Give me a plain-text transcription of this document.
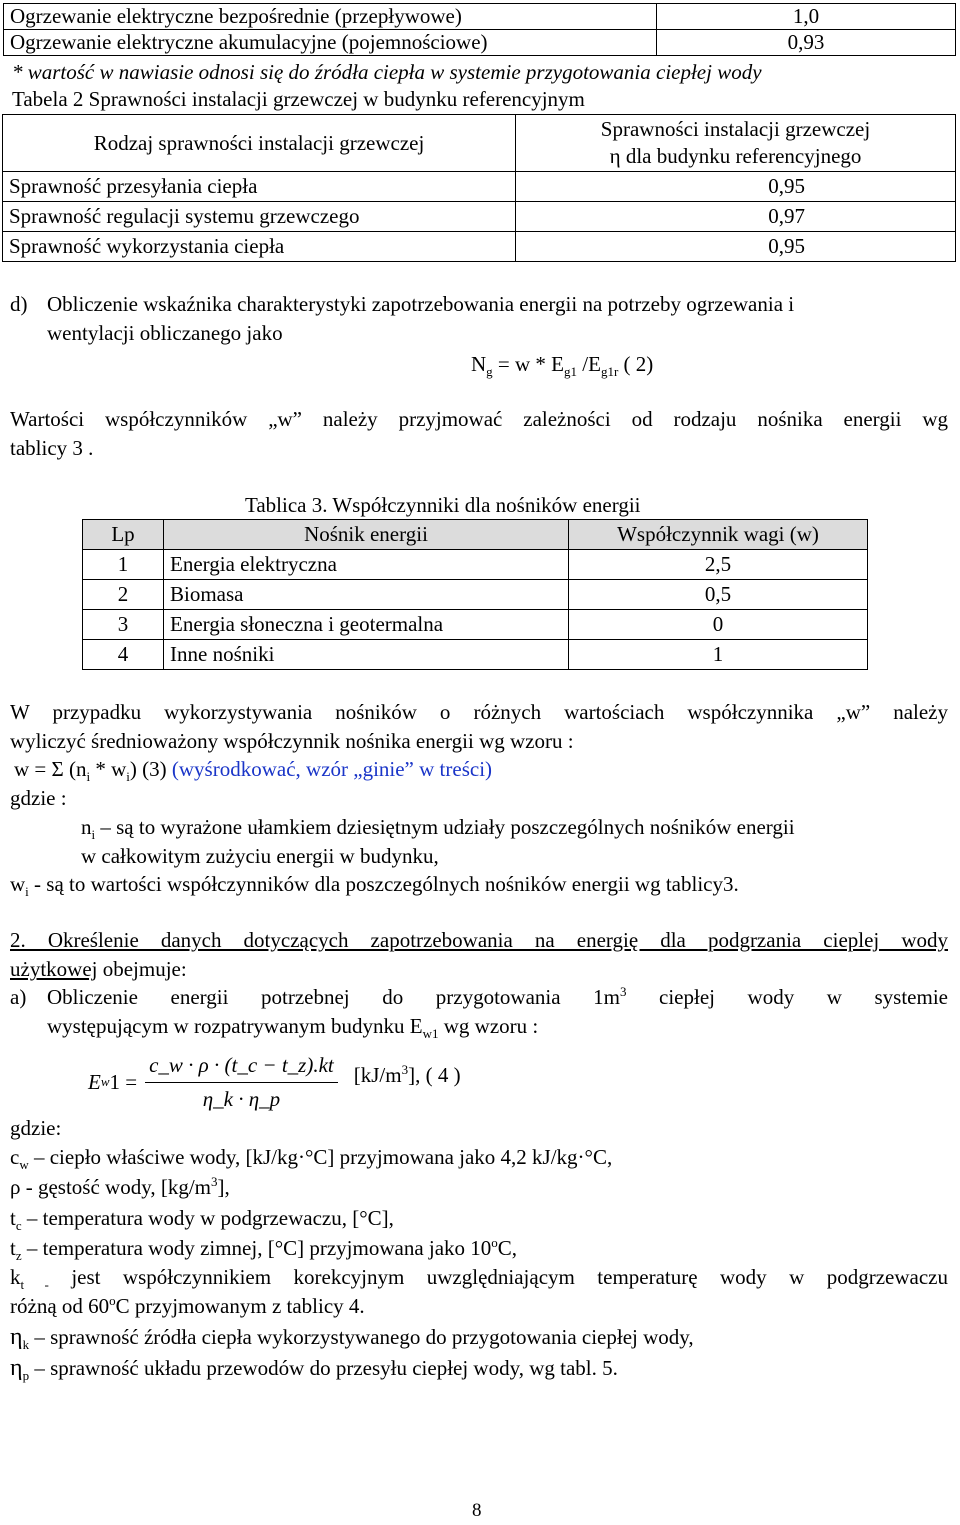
Ogrzewanie elektryczne bezpośrednie (przepływowe)	1,0
Ogrzewanie elektryczne akumulacyjne (pojemnościowe)	0,93
* wartość w nawiasie odnosi się do źródła ciepła w systemie przygotowania ciepłej wody
Tabela 2 Sprawności instalacji grzewczej w budynku referencyjnym
Rodzaj sprawności instalacji grzewczej	Sprawności instalacji grzewczej
η dla budynku referencyjnego
Sprawność przesyłania ciepła	0,95
Sprawność regulacji systemu grzewczego	0,97
Sprawność wykorzystania ciepła	0,95
d) Obliczenie wskaźnika charakterystyki zapotrzebowania energii na potrzeby ogrzewania i
wentylacji obliczanego jako
$N_g = w * E_{g1}$ $/E_{g1r}$ ( 2)
Wartości współczynników „w” należy przyjmować zależności od rodzaju nośnika energii wg
tablicy 3 .
Tablica 3. Współczynniki dla nośników energii
Lp	Nośnik energii	Współczynnik wagi (w)
1	Energia elektryczna	2,5
2	Biomasa	0,5
3	Energia słoneczna i geotermalna	0
4	Inne nośniki	1
W przypadku wykorzystywania nośników o różnych wartościach współczynnika „w” należy
wyliczyć średnioważony współczynnik nośnika energii wg wzoru :
w = Σ $(n_i * w_i)$ (3) (wyśrodkować, wzór „ginie” w treści)
gdzie :
$n_i$ – są to wyrażone ułamkiem dziesiętnym udziały poszczególnych nośników energii
w całkowitym zużyciu energii w budynku,
$w_i$ - są to wartości współczynników dla poszczególnych nośników energii wg tablicy3.
2. Określenie danych dotyczących zapotrzebowania na energię dla podgrzania cieplej wody
użytkowej obejmuje:
a) Obliczenie energii potrzebnej do przygotowania $1m^3$ ciepłej wody w systemie
występującym w rozpatrywanym budynku $E_{w1}$ wg wzoru :
E w $1 = \frac{c\_w \cdot \rho \cdot (t\_c - t\_z).kt}{\eta\_k \cdot \eta\_p} [kJ/m^3]$, ( 4 )
gdzie:
$c_w$ – ciepło właściwe wody, [kJ/kg·°C] przyjmowana jako 4,2 kJ/kg·°C,
ρ - gęstość wody, $[kg/m^3]$,
$t_c$ – temperatura wody w podgrzewaczu, [°C],
$t_z$ – temperatura wody zimnej, [°C] przyjmowana jako 10$^o$C,
$k_{t -}$ jest współczynnikiem korekcyjnym uwzględniającym temperaturę wody w podgrzewaczu
różną od 60$^o$C przyjmowanym z tablicy 4.
$\eta_k$ – sprawność źródła ciepła wykorzystywanego do przygotowania ciepłej wody,
$\eta_p$ – sprawność układu przewodów do przesyłu ciepłej wody, wg tabl. 5.
8
